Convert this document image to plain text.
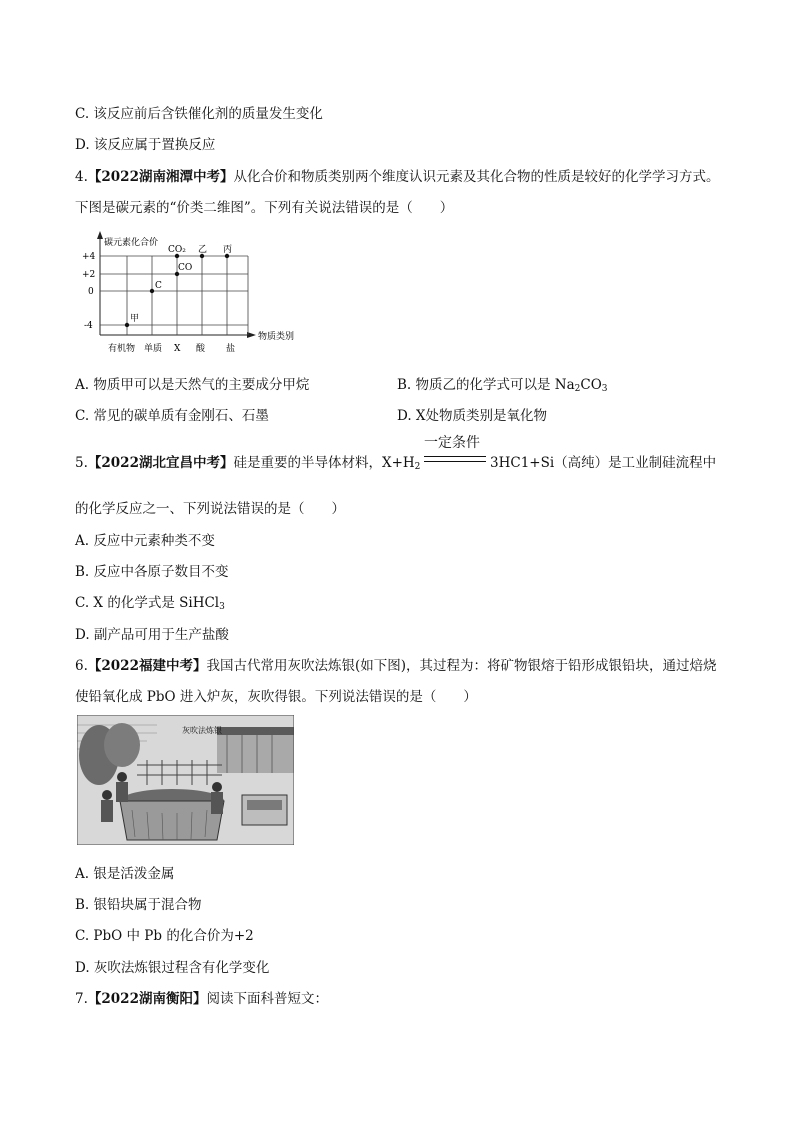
C. 该反应前后含铁催化剂的质量发生变化
D. 该反应属于置换反应
4.【2022湖南湘潭中考】从化合价和物质类别两个维度认识元素及其化合物的性质是较好的化学学习方式。
下图是碳元素的“价类二维图”。下列有关说法错误的是（　　）
碳元素化合价
+4
+2
0
-4
物质类别
有机物 单质 X 酸 盐
甲
C
CO
CO₂ 乙 丙
A. 物质甲可以是天然气的主要成分甲烷	B. 物质乙的化学式可以是 $Na_2CO_3$
C. 常见的碳单质有金刚石、石墨	D. X处物质类别是氧化物
一定条件
5.【2022湖北宜昌中考】硅是重要的半导体材料，$X+H_2$	3HC1+Si（高纯）是工业制硅流程中
的化学反应之一、下列说法错误的是（　　）
A. 反应中元素种类不变
B. 反应中各原子数目不变
C. X 的化学式是 SiHCl$_3$
D. 副产品可用于生产盐酸
6.【2022福建中考】我国古代常用灰吹法炼银(如下图)，其过程为：将矿物银熔于铅形成银铅块，通过焙烧
使铅氧化成 PbO 进入炉灰，灰吹得银。下列说法错误的是（　　）
灰吹法炼银
A. 银是活泼金属
B. 银铅块属于混合物
C. PbO 中 Pb 的化合价为+2
D. 灰吹法炼银过程含有化学变化
7.【2022湖南衡阳】阅读下面科普短文：
